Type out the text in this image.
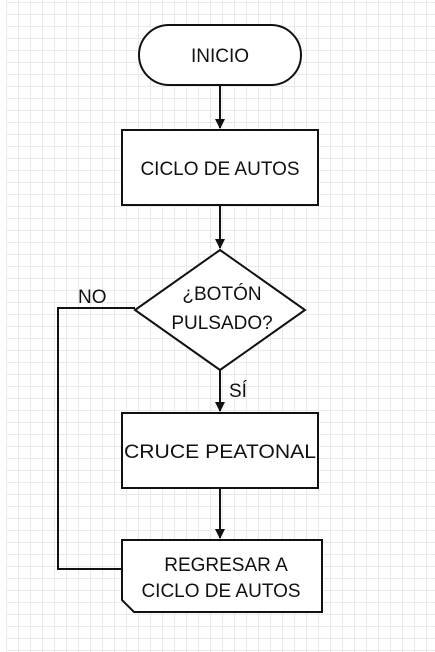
INICIO
CICLO DE AUTOS
¿BOTÓN
PULSADO?
CRUCE PEATONAL
REGRESAR A
CICLO DE AUTOS
NO
SÍ
